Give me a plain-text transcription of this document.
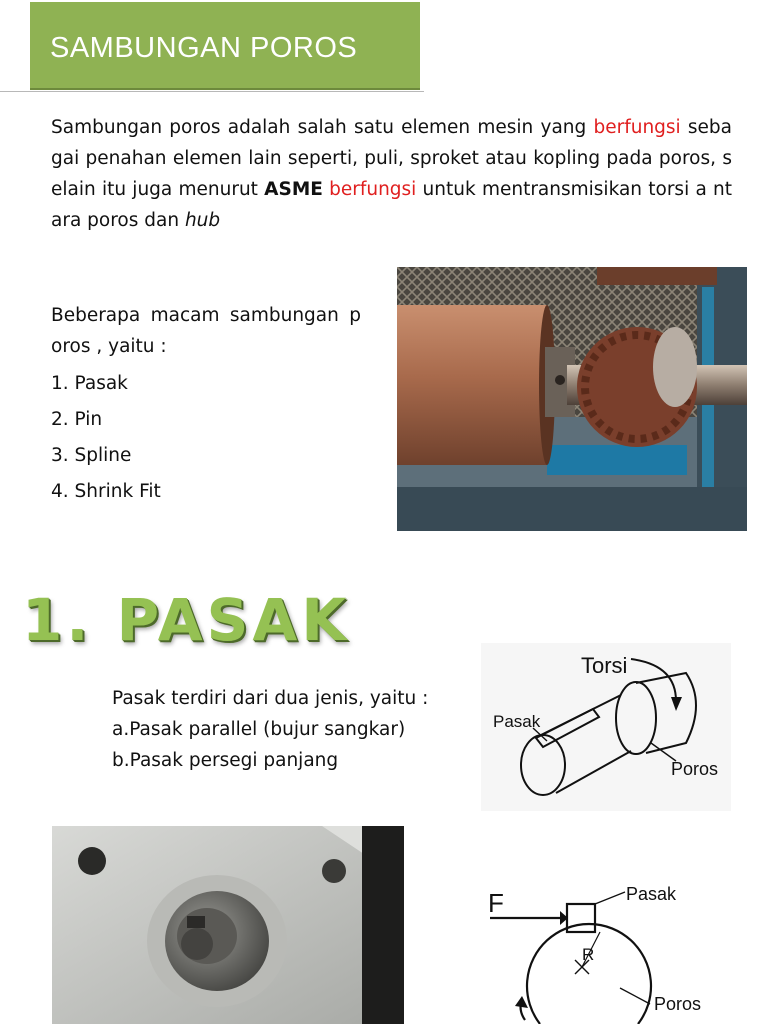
SAMBUNGAN POROS
Sambungan poros adalah salah satu elemen mesin yang berfungsi seba gai penahan elemen lain seperti, puli, sproket atau kopling pada poros, selain itu juga menurut ASME berfungsi untuk mentransmisikan torsi a ntara poros dan hub
Beberapa macam sambungan p oros , yaitu :
1. Pasak
2. Pin
3. Spline
4. Shrink Fit
1. PASAK
Pasak terdiri dari dua jenis, yaitu :
a.Pasak parallel (bujur sangkar)
b.Pasak persegi panjang
Torsi
Pasak
Poros
F	Pasak
R
Poros
